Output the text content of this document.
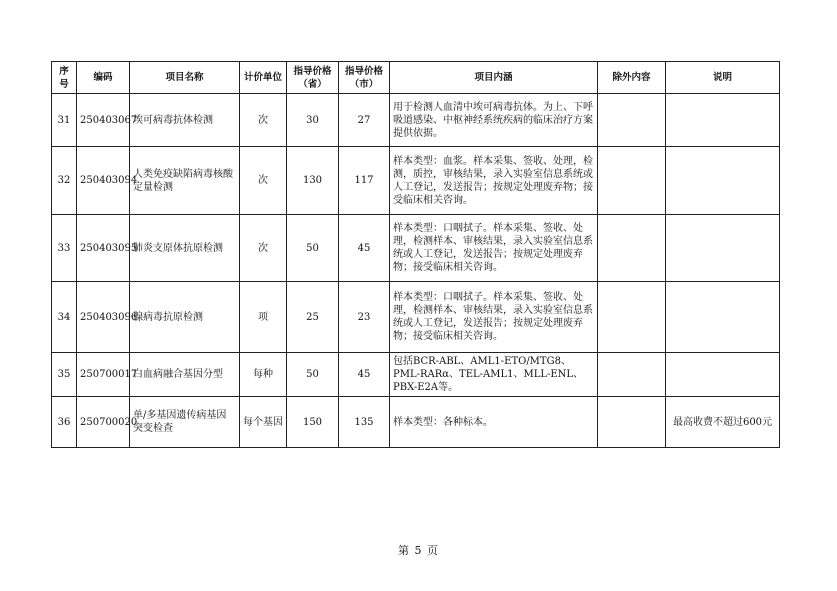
序号	编码	项目名称	计价单位	指导价格（省）	指导价格（市）	项目内涵	除外内容	说明
31	250403067	埃可病毒抗体检测	次	30	27	用于检测人血清中埃可病毒抗体。为上、下呼吸道感染、中枢神经系统疾病的临床治疗方案提供依据。		
32	250403094	人类免疫缺陷病毒核酸定量检测	次	130	117	样本类型：血浆。样本采集、签收、处理，检测，质控，审核结果，录入实验室信息系统或人工登记，发送报告；按规定处理废弃物；接受临床相关咨询。		
33	250403095	肺炎支原体抗原检测	次	50	45	样本类型：口咽拭子。样本采集、签收、处理，检测样本、审核结果，录入实验室信息系统或人工登记，发送报告；按规定处理废弃物；接受临床相关咨询。		
34	250403096	腺病毒抗原检测	项	25	23	样本类型：口咽拭子。样本采集、签收、处理，检测样本、审核结果，录入实验室信息系统或人工登记，发送报告；按规定处理废弃物；接受临床相关咨询。		
35	250700017	白血病融合基因分型	每种	50	45	包括BCR-ABL、AML1-ETO/MTG8、PML-RARα、TEL-AML1、MLL-ENL、PBX-E2A等。		
36	250700020	单/多基因遗传病基因突变检查	每个基因	150	135	样本类型：各种标本。		最高收费不超过600元
第 5 页
